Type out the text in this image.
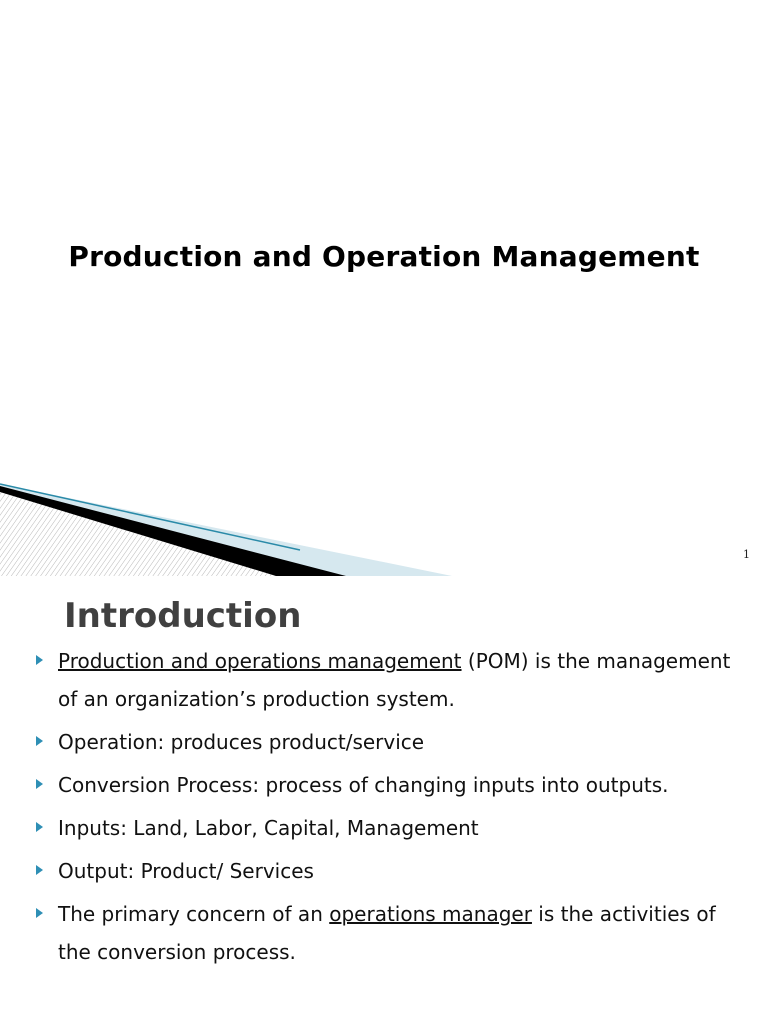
Production and Operation Management
1
Introduction
Production and operations management (POM) is the management of an organization’s production system.
Operation: produces product/service
Conversion Process: process of changing inputs into outputs.
Inputs: Land, Labor, Capital, Management
Output: Product/ Services
The primary concern of an operations manager is the activities of the conversion process.
